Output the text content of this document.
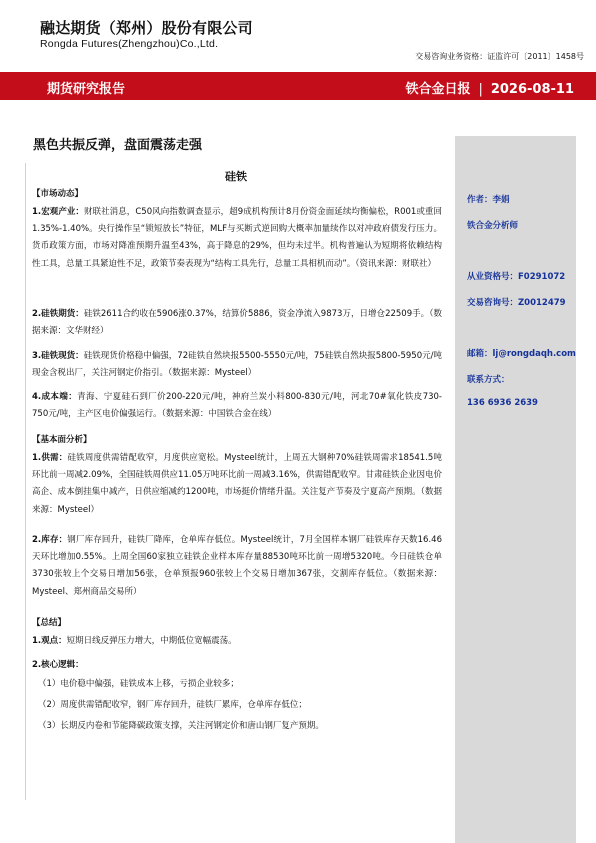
融达期货（郑州）股份有限公司
Rongda Futures(Zhengzhou)Co.,Ltd.
交易咨询业务资格：证监许可〔2011〕1458号
期货研究报告	铁合金日报 | 2026-08-11
黑色共振反弹，盘面震荡走强
作者：李娟
铁合金分析师
从业资格号：F0291072
交易咨询号：Z0012479
邮箱：lj@rongdaqh.com
联系方式：
136 6936 2639
硅铁
【市场动态】
1.宏观产业：财联社消息，C50风向指数调查显示，超9成机构预计8月份资金面延续均衡偏松，R001或重回1.35%-1.40%。央行操作呈“锁短放长”特征，MLF与买断式逆回购大概率加量续作以对冲政府债发行压力。货币政策方面，市场对降准预期升温至43%，高于降息的29%，但均未过半。机构普遍认为短期将依赖结构性工具，总量工具紧迫性不足，政策节奏表现为“结构工具先行，总量工具相机而动”。（资讯来源：财联社）
2.硅铁期货：硅铁2611合约收在5906涨0.37%，结算价5886，资金净流入9873万，日增仓22509手。（数据来源：文华财经）
3.硅铁现货：硅铁现货价格稳中偏强，72硅铁自然块报5500-5550元/吨，75硅铁自然块报5800-5950元/吨现金含税出厂，关注河钢定价指引。（数据来源：Mysteel）
4.成本端：青海、宁夏硅石到厂价200-220元/吨，神府兰炭小料800-830元/吨，河北70#氧化铁皮730-750元/吨，主产区电价偏强运行。（数据来源：中国铁合金在线）
【基本面分析】
1.供需：硅铁周度供需错配收窄，月度供应宽松。Mysteel统计，上周五大钢种70%硅铁周需求18541.5吨环比前一周减2.09%，全国硅铁周供应11.05万吨环比前一周减3.16%，供需错配收窄。甘肃硅铁企业因电价高企、成本倒挂集中减产，日供应缩减约1200吨，市场挺价情绪升温。关注复产节奏及宁夏高产预期。（数据来源：Mysteel）
2.库存：钢厂库存回升，硅铁厂降库，仓单库存低位。Mysteel统计，7月全国样本钢厂硅铁库存天数16.46天环比增加0.55%。上周全国60家独立硅铁企业样本库存量88530吨环比前一周增5320吨。今日硅铁仓单3730张较上个交易日增加56张，仓单预报960张较上个交易日增加367张，交割库存低位。（数据来源：Mysteel、郑州商品交易所）
【总结】
1.观点：短期日线反弹压力增大，中期低位宽幅震荡。
2.核心逻辑：
（1）电价稳中偏强，硅铁成本上移，亏损企业较多；
（2）周度供需错配收窄，钢厂库存回升，硅铁厂累库，仓单库存低位；
（3）长期反内卷和节能降碳政策支撑，关注河钢定价和唐山钢厂复产预期。
